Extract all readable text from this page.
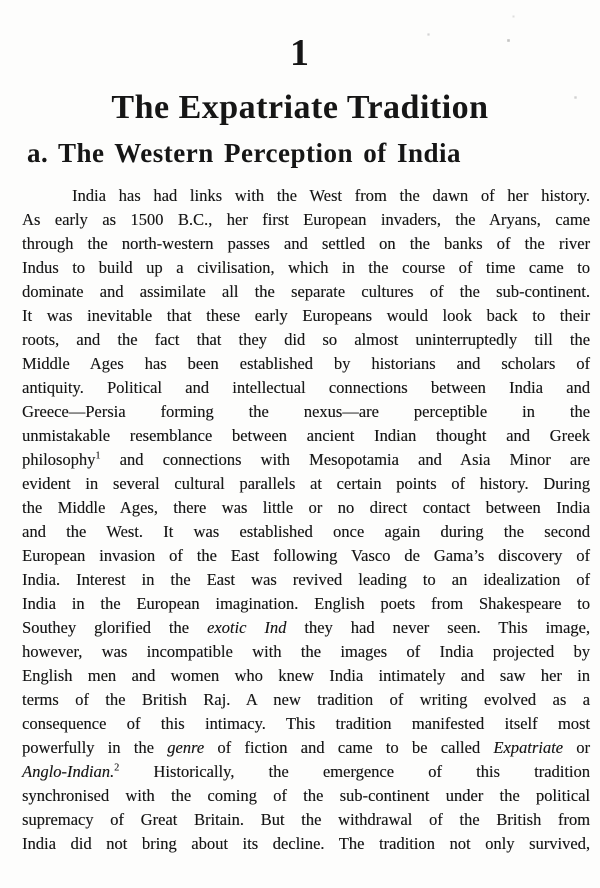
1
The Expatriate Tradition
a. The Western Perception of India
India has had links with the West from the dawn of her history.
As early as 1500 B.C., her first European invaders, the Aryans, came
through the north-western passes and settled on the banks of the river
Indus to build up a civilisation, which in the course of time came to
dominate and assimilate all the separate cultures of the sub-continent.
It was inevitable that these early Europeans would look back to their
roots, and the fact that they did so almost uninterruptedly till the
Middle Ages has been established by historians and scholars of
antiquity. Political and intellectual connections between India and
Greece—Persia forming the nexus—are perceptible in the
unmistakable resemblance between ancient Indian thought and Greek
philosophy$^1$ and connections with Mesopotamia and Asia Minor are
evident in several cultural parallels at certain points of history. During
the Middle Ages, there was little or no direct contact between India
and the West. It was established once again during the second
European invasion of the East following Vasco de Gama’s discovery of
India. Interest in the East was revived leading to an idealization of
India in the European imagination. English poets from Shakespeare to
Southey glorified the exotic Ind they had never seen. This image,
however, was incompatible with the images of India projected by
English men and women who knew India intimately and saw her in
terms of the British Raj. A new tradition of writing evolved as a
consequence of this intimacy. This tradition manifested itself most
powerfully in the genre of fiction and came to be called Expatriate or
Anglo-Indian.$^2$ Historically, the emergence of this tradition
synchronised with the coming of the sub-continent under the political
supremacy of Great Britain. But the withdrawal of the British from
India did not bring about its decline. The tradition not only survived,
